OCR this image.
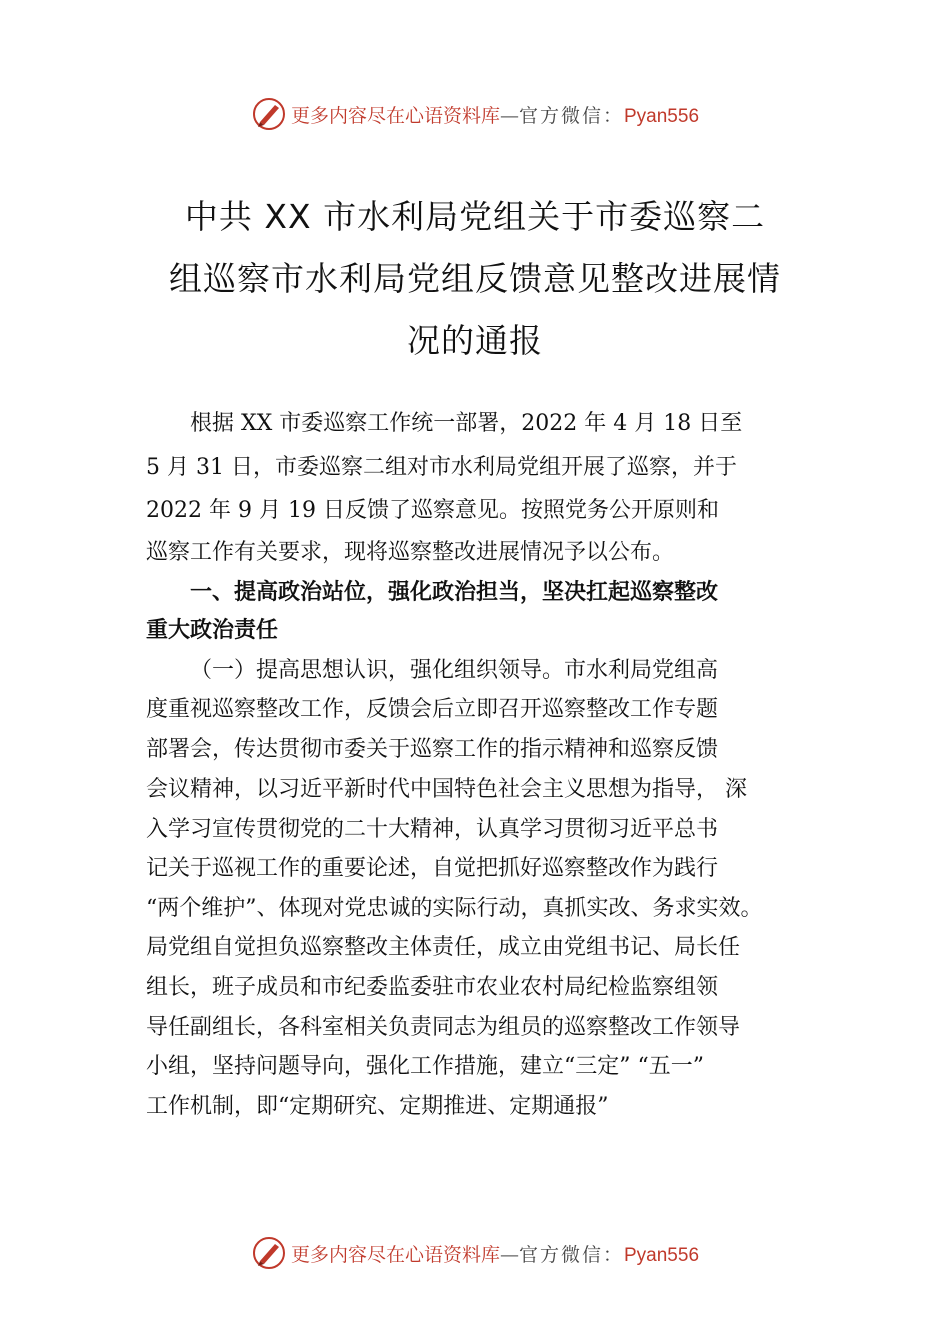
更多内容尽在心语资料库—官方微信：Pyan556
中共 XX 市水利局党组关于市委巡察二
组巡察市水利局党组反馈意见整改进展情
况的通报
根据 XX 市委巡察工作统一部署，2022 年 4 月 18 日至
5 月 31 日，市委巡察二组对市水利局党组开展了巡察，并于
2022 年 9 月 19 日反馈了巡察意见。按照党务公开原则和
巡察工作有关要求，现将巡察整改进展情况予以公布。
一、提高政治站位，强化政治担当，坚决扛起巡察整改
重大政治责任
（一）提高思想认识，强化组织领导。市水利局党组高
度重视巡察整改工作，反馈会后立即召开巡察整改工作专题
部署会，传达贯彻市委关于巡察工作的指示精神和巡察反馈
会议精神，以习近平新时代中国特色社会主义思想为指导， 深
入学习宣传贯彻党的二十大精神，认真学习贯彻习近平总书
记关于巡视工作的重要论述，自觉把抓好巡察整改作为践行
“两个维护”、体现对党忠诚的实际行动，真抓实改、务求实效。
局党组自觉担负巡察整改主体责任，成立由党组书记、局长任
组长，班子成员和市纪委监委驻市农业农村局纪检监察组领
导任副组长，各科室相关负责同志为组员的巡察整改工作领导
小组，坚持问题导向，强化工作措施，建立“三定” “五一”
工作机制，即“定期研究、定期推进、定期通报”
更多内容尽在心语资料库—官方微信：Pyan556
